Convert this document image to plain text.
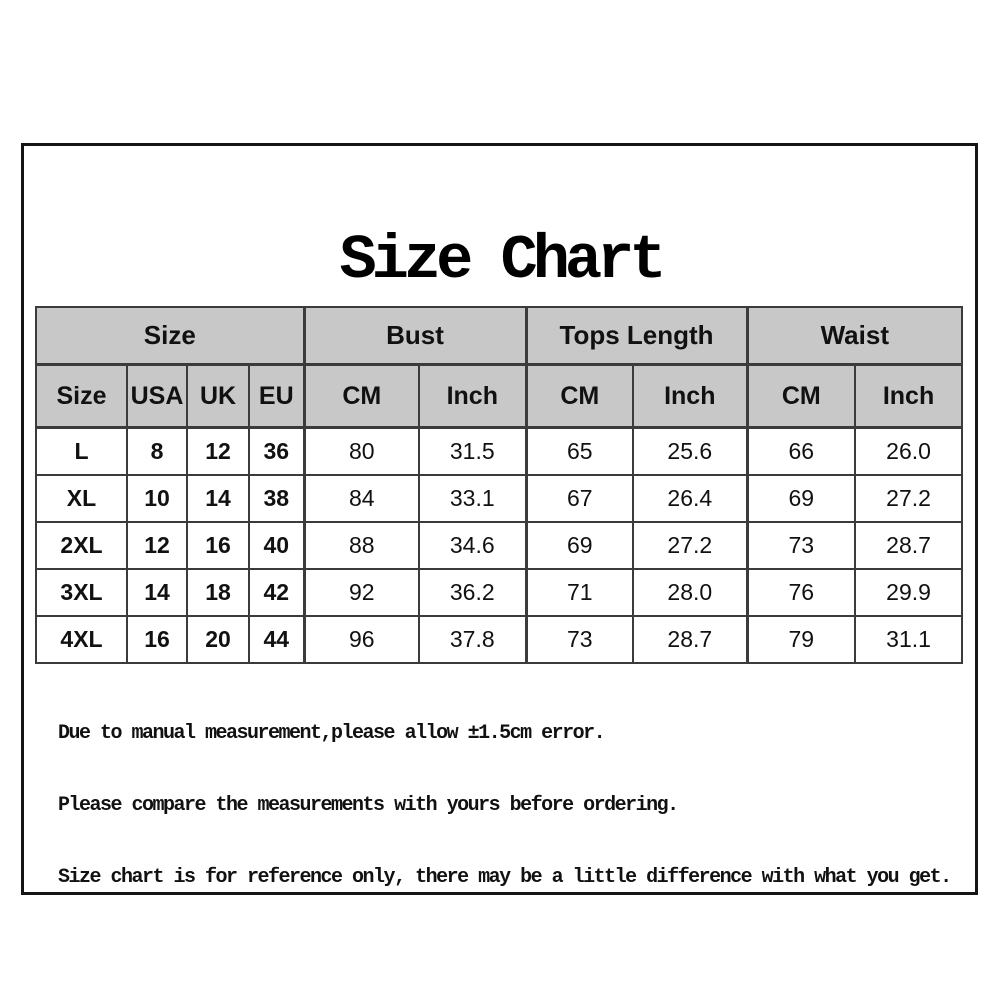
Size Chart
Size				Bust		Tops Length		Waist	
Size	USA	UK	EU	CM	Inch	CM	Inch	CM	Inch
L	8	12	36	80	31.5	65	25.6	66	26.0
XL	10	14	38	84	33.1	67	26.4	69	27.2
2XL	12	16	40	88	34.6	69	27.2	73	28.7
3XL	14	18	42	92	36.2	71	28.0	76	29.9
4XL	16	20	44	96	37.8	73	28.7	79	31.1

Due to manual measurement,please allow ±1.5cm error.

Please compare the measurements with yours before ordering.

Size chart is for reference only, there may be a little difference with what you get.
